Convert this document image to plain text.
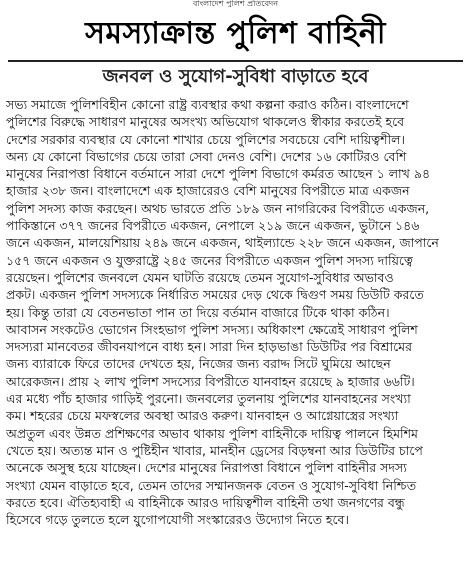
বাংলাদেশ পুলিশ প্রতিবেদন
সমস্যাক্রান্ত পুলিশ বাহিনী
জনবল ও সুযোগ-সুবিধা বাড়াতে হবে
সভ্য সমাজে পুলিশবিহীন কোনো রাষ্ট্র ব্যবস্থার কথা কল্পনা করাও কঠিন। বাংলাদেশে
পুলিশের বিরুদ্ধে সাধারণ মানুষের অসংখ্য অভিযোগ থাকলেও স্বীকার করতেই হবে
দেশের সরকার ব্যবস্থার যে কোনো শাখার চেয়ে পুলিশের সবচেয়ে বেশি দায়িত্বশীল।
অন্য যে কোনো বিভাগের চেয়ে তারা সেবা দেনও বেশি। দেশের ১৬ কোটিরও বেশি
মানুষের নিরাপত্তা বিধানে বর্তমানে সারা দেশে পুলিশ বিভাগে কর্মরত আছেন ১ লাখ ৯৪
হাজার ২৩৮ জন। বাংলাদেশে এক হাজারেরও বেশি মানুষের বিপরীতে মাত্র একজন
পুলিশ সদস্য কাজ করছেন। অথচ ভারতে প্রতি ১৮৯ জন নাগরিকের বিপরীতে একজন,
পাকিস্তানে ৩৭৭ জনের বিপরীতে একজন, নেপালে ২১৯ জনে একজন, ভুটানে ১৪৬
জনে একজন, মালয়েশিয়ায় ২৪৯ জনে একজন, থাইল্যান্ডে ২২৮ জনে একজন, জাপানে
১৫৭ জনে একজন ও যুক্তরাষ্ট্রে ২৪৫ জনের বিপরীতে একজন পুলিশ সদস্য দায়িত্বে
রয়েছেন। পুলিশের জনবলে যেমন ঘাটতি রয়েছে তেমন সুযোগ-সুবিধার অভাবও
প্রকট। একজন পুলিশ সদস্যকে নির্ধারিত সময়ের দেড় থেকে দ্বিগুণ সময় ডিউটি করতে
হয়। কিন্তু তারা যে বেতনভাতা পান তা দিয়ে বর্তমান বাজারে টিকে থাকা কঠিন।
আবাসন সংকটেও ভোগেন সিংহভাগ পুলিশ সদস্য। অধিকাংশ ক্ষেত্রেই সাধারণ পুলিশ
সদস্যরা মানবেতর জীবনযাপনে বাধ্য হন। সারা দিন হাড়ভাঙা ডিউটির পর বিশ্রামের
জন্য ব্যারাকে ফিরে তাদের দেখতে হয়, নিজের জন্য বরাদ্দ সিটে ঘুমিয়ে আছেন
আরেকজন। প্রায় ২ লাখ পুলিশ সদস্যের বিপরীতে যানবাহন রয়েছে ৯ হাজার ৬৬টি।
এর মধ্যে পাঁচ হাজার গাড়িই পুরনো। জনবলের তুলনায় পুলিশের যানবাহনের সংখ্যা
কম। শহরের চেয়ে মফস্বলের অবস্থা আরও করুণ। যানবাহন ও আগ্নেয়াস্ত্রের সংখ্যা
অপ্রতুল এবং উন্নত প্রশিক্ষণের অভাব থাকায় পুলিশ বাহিনীকে দায়িত্ব পালনে হিমশিম
খেতে হয়। অত্যন্ত মান ও পুষ্টিহীন খাবার, মানহীন ড্রেসের বিড়ম্বনা আর ডিউটির চাপে
অনেকে অসুস্থ হয়ে যাচ্ছেন। দেশের মানুষের নিরাপত্তা বিধানে পুলিশ বাহিনীর সদস্য
সংখ্যা যেমন বাড়াতে হবে, তেমন তাদের সম্মানজনক বেতন ও সুযোগ-সুবিধা নিশ্চিত
করতে হবে। ঐতিহ্যবাহী এ বাহিনীকে আরও দায়িত্বশীল বাহিনী তথা জনগণের বন্ধু
হিসেবে গড়ে তুলতে হলে যুগোপযোগী সংস্কারেরও উদ্যোগ নিতে হবে।
